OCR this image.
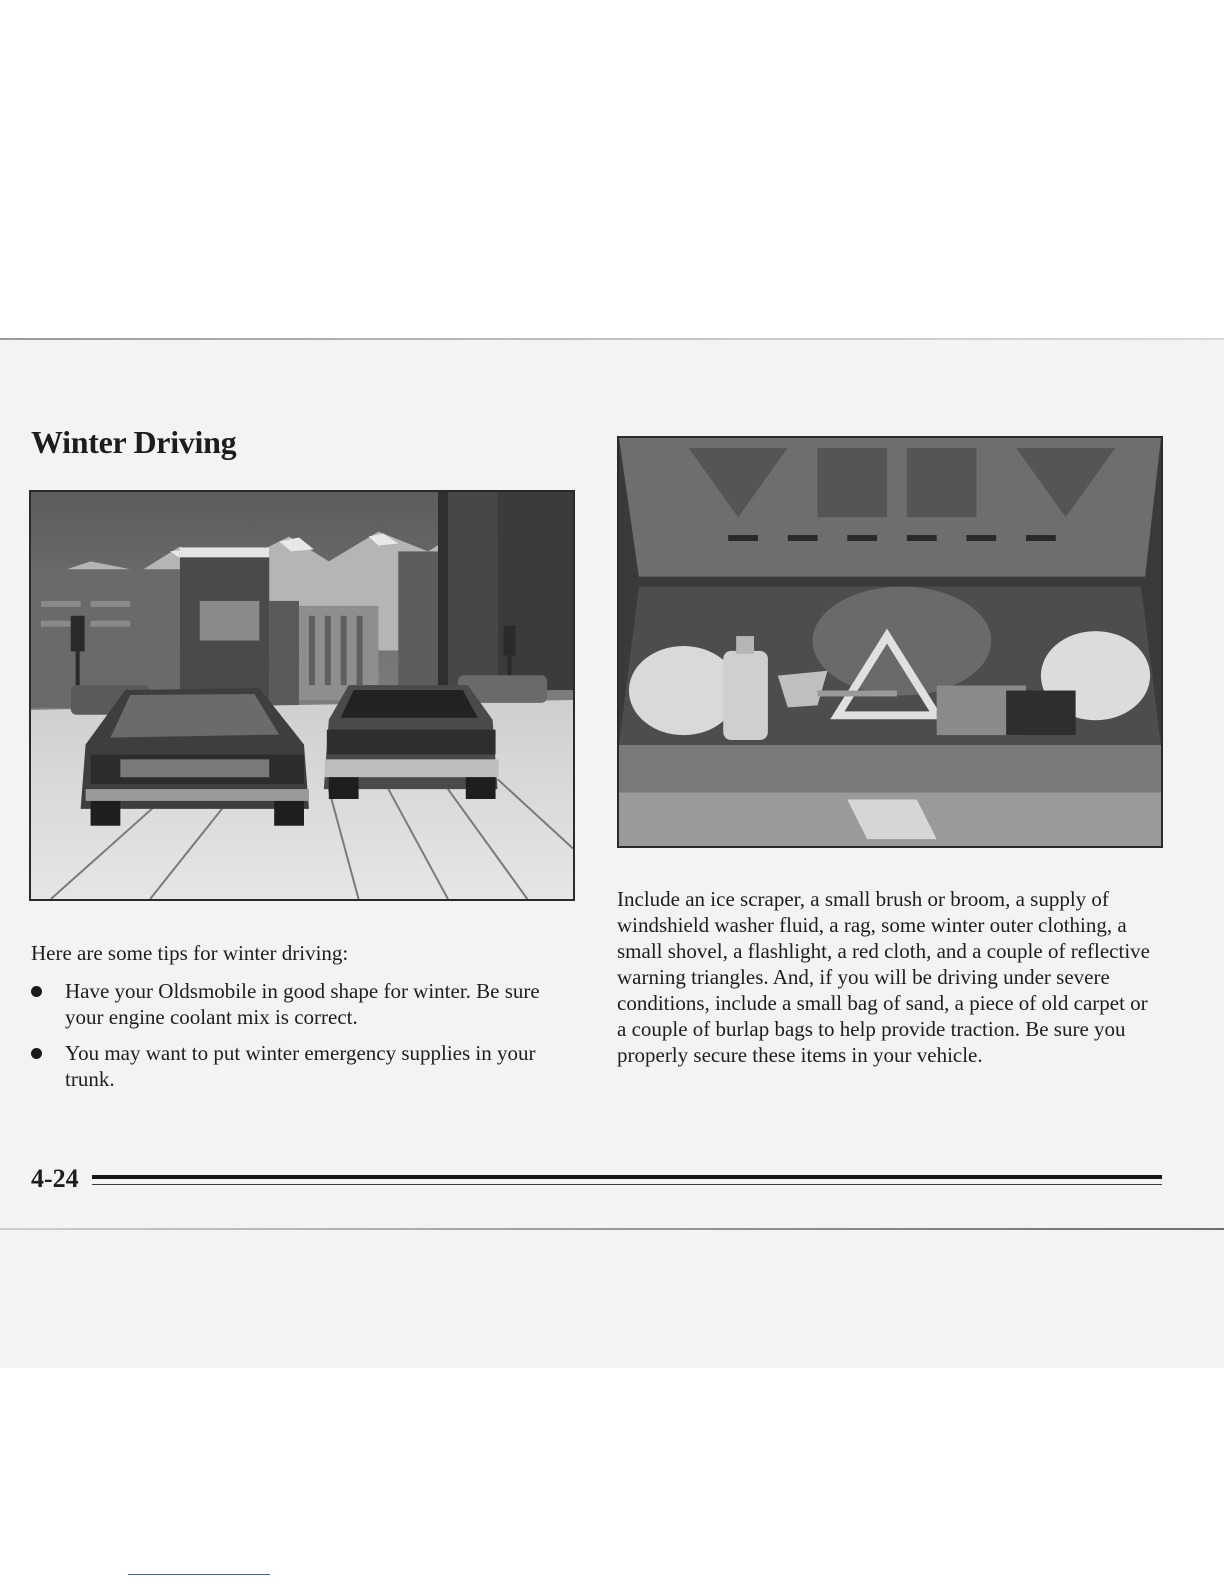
Winter Driving

Here are some tips for winter driving:

Have your Oldsmobile in good shape for winter. Be sure your engine coolant mix is correct.
You may want to put winter emergency supplies in your trunk.

Include an ice scraper, a small brush or broom, a supply of windshield washer fluid, a rag, some winter outer clothing, a small shovel, a flashlight, a red cloth, and a couple of reflective warning triangles. And, if you will be driving under severe conditions, include a small bag of sand, a piece of old carpet or a couple of burlap bags to help provide traction. Be sure you properly secure these items in your vehicle.

4-24
